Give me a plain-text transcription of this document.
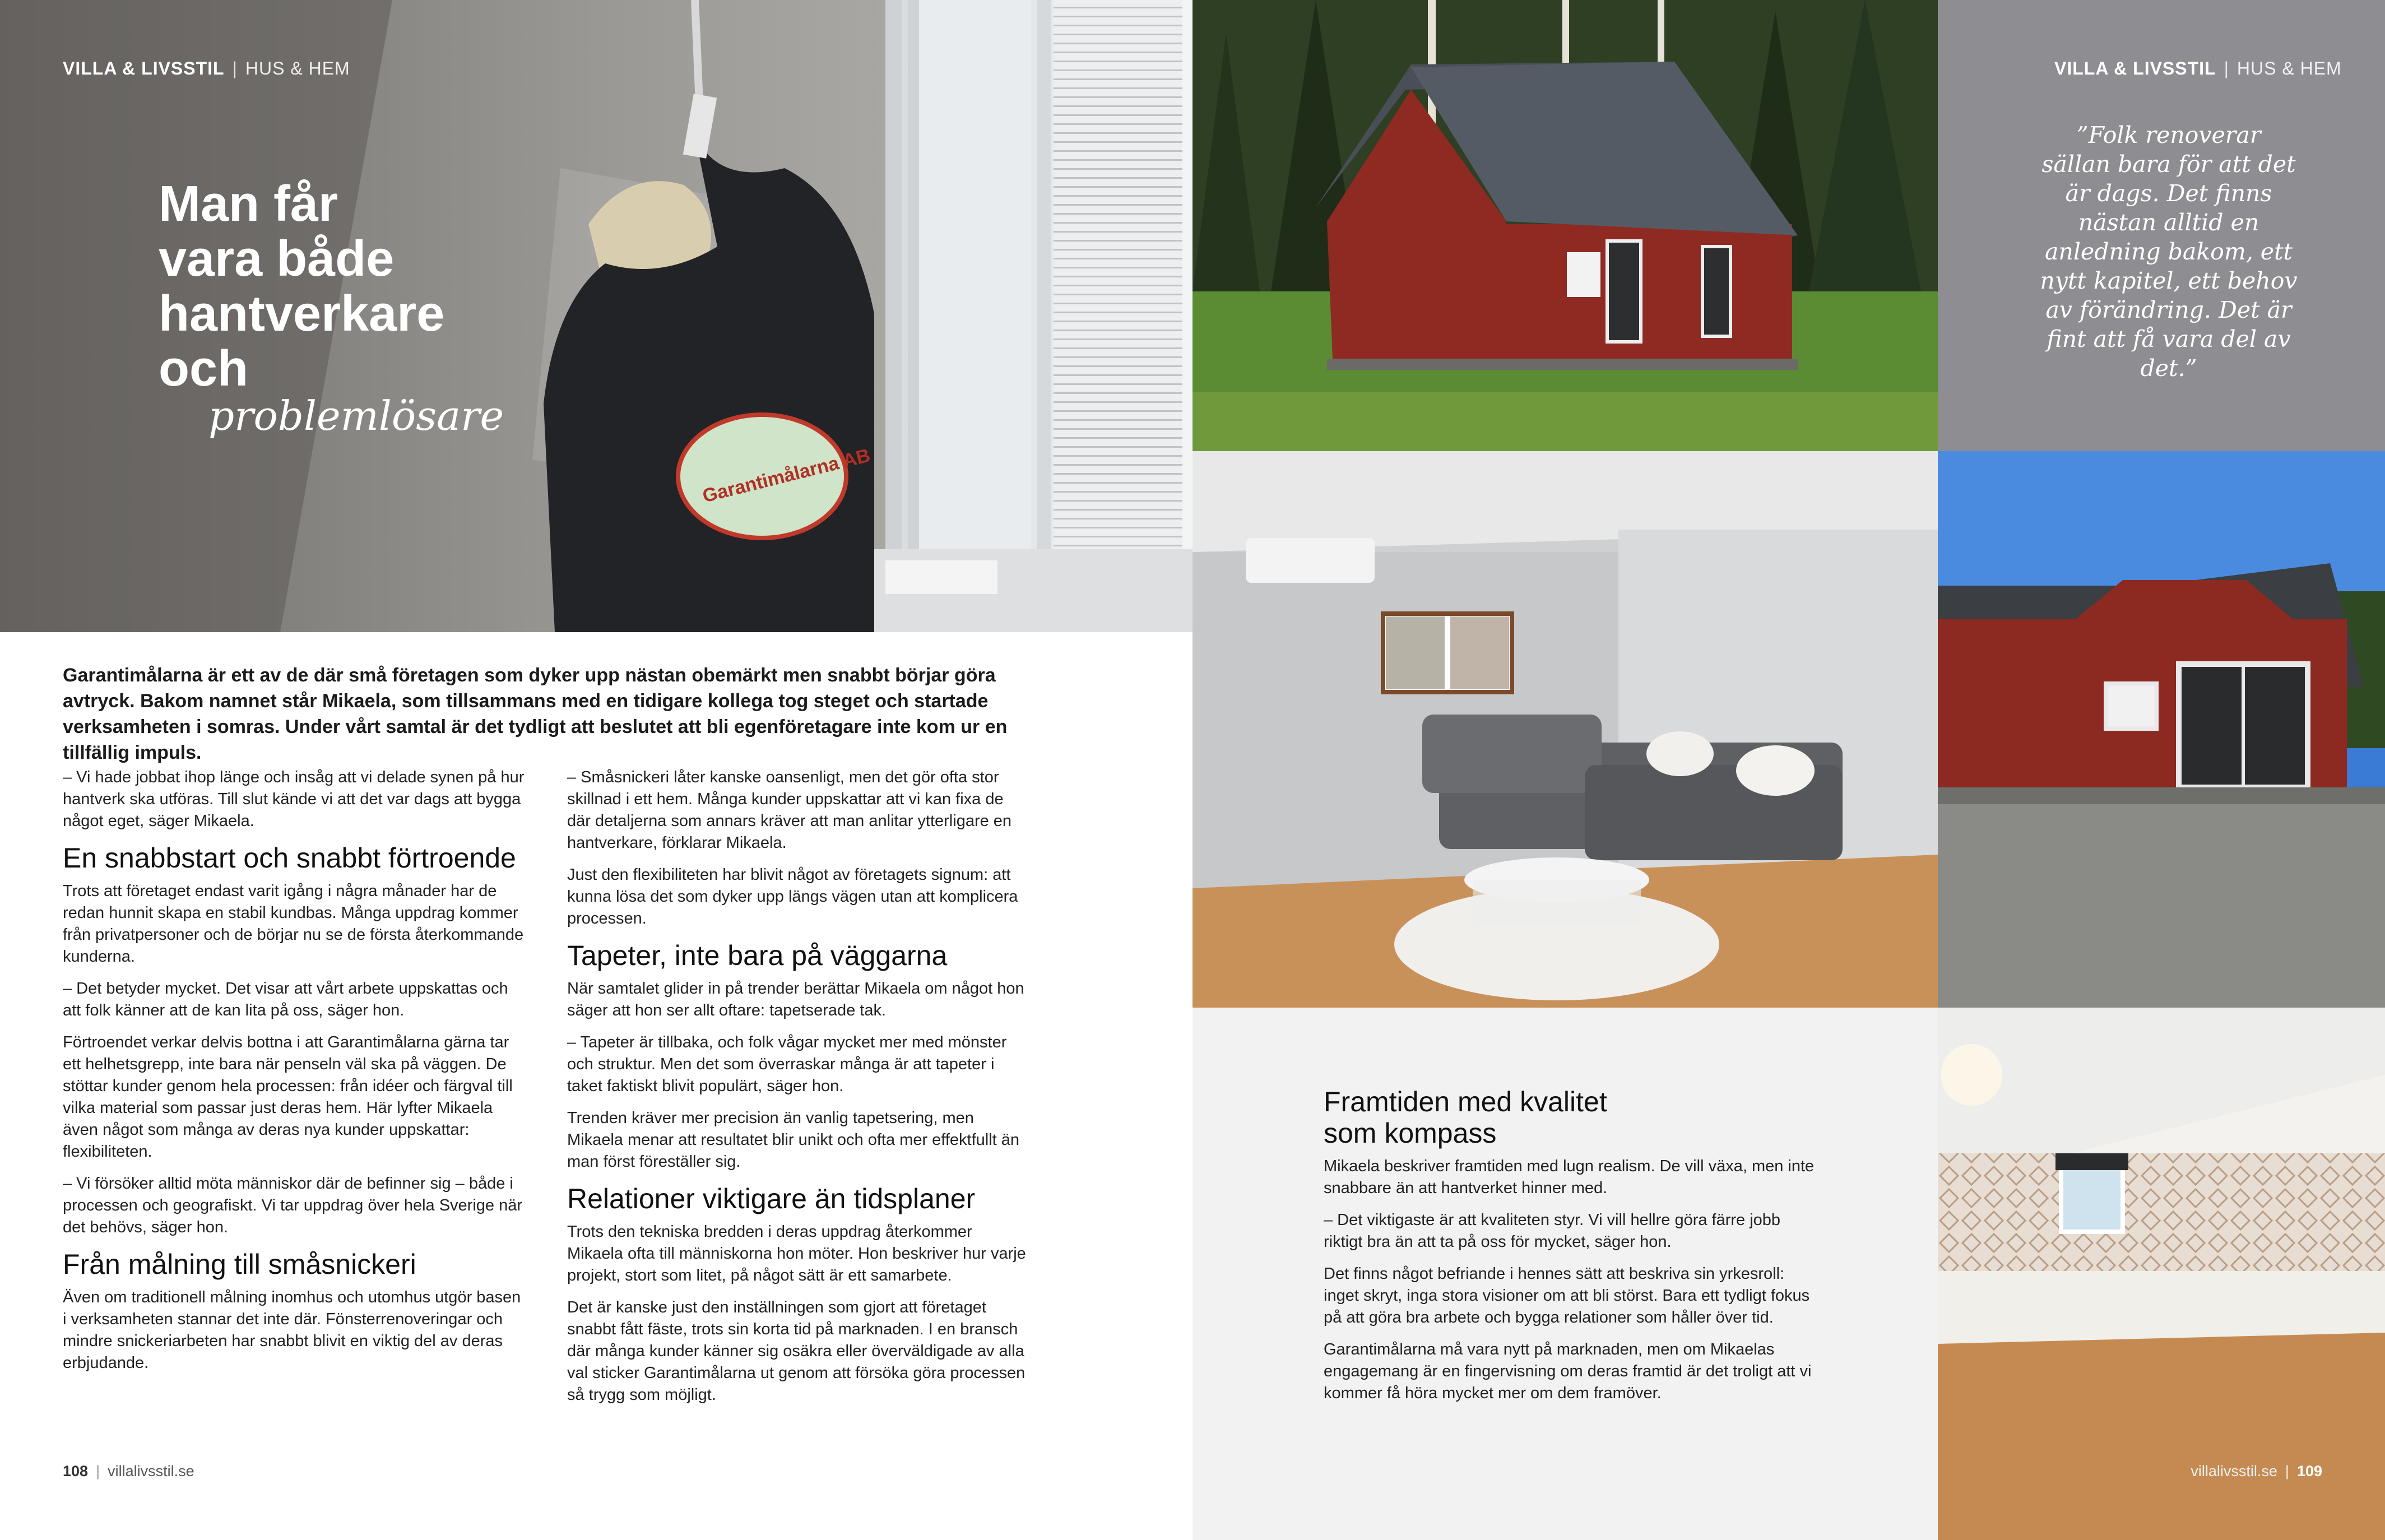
VILLA & LIVSSTIL | HUS & HEM
Man får
vara både
hantverkare
och
problemlösare
Garantimålarna AB
Garantimålarna är ett av de där små företagen som dyker upp nästan obemärkt men snabbt börjar göra avtryck. Bakom namnet står Mikaela, som tillsammans med en tidigare kollega tog steget och startade verksamheten i somras. Under vårt samtal är det tydligt att beslutet att bli egenföretagare inte kom ur en tillfällig impuls.

– Vi hade jobbat ihop länge och insåg att vi delade synen på hur hantverk ska utföras. Till slut kände vi att det var dags att bygga något eget, säger Mikaela.

En snabbstart och snabbt förtroende

Trots att företaget endast varit igång i några månader har de redan hunnit skapa en stabil kundbas. Många uppdrag kommer från privatpersoner och de börjar nu se de första återkommande kunderna.

– Det betyder mycket. Det visar att vårt arbete uppskattas och att folk känner att de kan lita på oss, säger hon.

Förtroendet verkar delvis bottna i att Garantimålarna gärna tar ett helhetsgrepp, inte bara när penseln väl ska på väggen. De stöttar kunder genom hela processen: från idéer och färgval till vilka material som passar just deras hem. Här lyfter Mikaela även något som många av deras nya kunder uppskattar: flexibiliteten.

– Vi försöker alltid möta människor där de befinner sig – både i processen och geografiskt. Vi tar uppdrag över hela Sverige när det behövs, säger hon.

Från målning till småsnickeri

Även om traditionell målning inomhus och utomhus utgör basen i verksamheten stannar det inte där. Fönsterrenoveringar och mindre snickeriarbeten har snabbt blivit en viktig del av deras erbjudande.

– Småsnickeri låter kanske oansenligt, men det gör ofta stor skillnad i ett hem. Många kunder uppskattar att vi kan fixa de där detaljerna som annars kräver att man anlitar ytterligare en hantverkare, förklarar Mikaela.

Just den flexibiliteten har blivit något av företagets signum: att kunna lösa det som dyker upp längs vägen utan att komplicera processen.

Tapeter, inte bara på väggarna

När samtalet glider in på trender berättar Mikaela om något hon säger att hon ser allt oftare: tapetserade tak.

– Tapeter är tillbaka, och folk vågar mycket mer med mönster och struktur. Men det som överraskar många är att tapeter i taket faktiskt blivit populärt, säger hon.

Trenden kräver mer precision än vanlig tapetsering, men Mikaela menar att resultatet blir unikt och ofta mer effektfullt än man först föreställer sig.

Relationer viktigare än tidsplaner

Trots den tekniska bredden i deras uppdrag återkommer Mikaela ofta till människorna hon möter. Hon beskriver hur varje projekt, stort som litet, på något sätt är ett samarbete.

Det är kanske just den inställningen som gjort att företaget snabbt fått fäste, trots sin korta tid på marknaden. I en bransch där många kunder känner sig osäkra eller överväldigade av alla val sticker Garantimålarna ut genom att försöka göra processen så trygg som möjligt.

108 | villalivsstil.se
VILLA & LIVSSTIL | HUS & HEM
”Folk renoverar sällan bara för att det är dags. Det finns nästan alltid en anledning bakom, ett nytt kapitel, ett behov av förändring. Det är fint att få vara del av det.”
Framtiden med kvalitet som kompass

Mikaela beskriver framtiden med lugn realism. De vill växa, men inte snabbare än att hantverket hinner med.

– Det viktigaste är att kvaliteten styr. Vi vill hellre göra färre jobb riktigt bra än att ta på oss för mycket, säger hon.

Det finns något befriande i hennes sätt att beskriva sin yrkesroll: inget skryt, inga stora visioner om att bli störst. Bara ett tydligt fokus på att göra bra arbete och bygga relationer som håller över tid.

Garantimålarna må vara nytt på marknaden, men om Mikaelas engagemang är en fingervisning om deras framtid är det troligt att vi kommer få höra mycket mer om dem framöver.

villalivsstil.se | 109
